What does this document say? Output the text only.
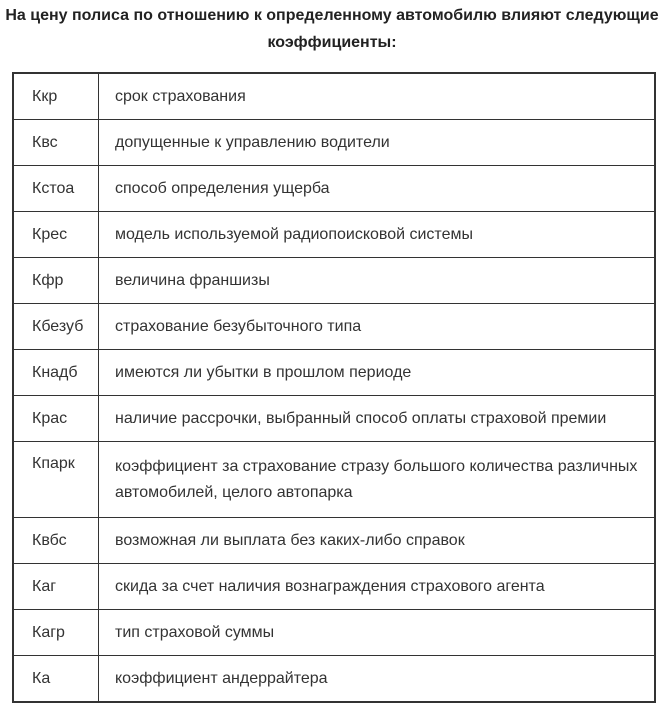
На цену полиса по отношению к определенному автомобилю влияют следующие
коэффициенты:
Ккр	срок страхования
Квс	допущенные к управлению водители
Кстоа	способ определения ущерба
Крес	модель используемой радиопоисковой системы
Кфр	величина франшизы
Кбезуб	страхование безубыточного типа
Кнадб	имеются ли убытки в прошлом периоде
Крас	наличие рассрочки, выбранный способ оплаты страховой премии
Кпарк	коэффициент за страхование стразу большого количества различных автомобилей, целого автопарка
Квбс	возможная ли выплата без каких-либо справок
Каг	скида за счет наличия вознаграждения страхового агента
Кагр	тип страховой суммы
Ка	коэффициент андеррайтера
